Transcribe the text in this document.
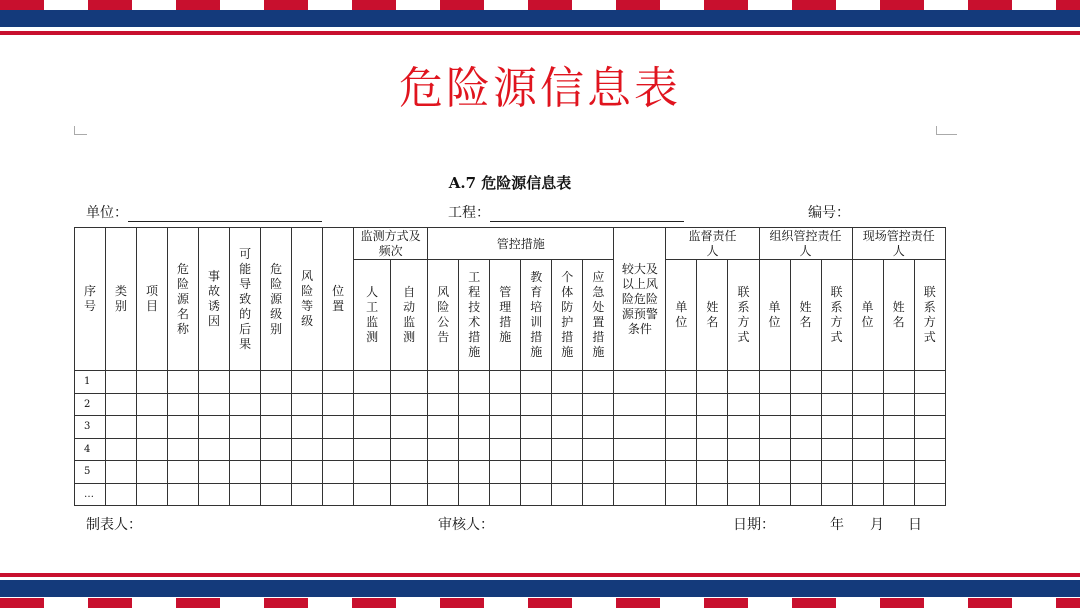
危险源信息表
A.7 危险源信息表
单位：	工程：	编号：
序号	类别	项目	危险源名称	事故诱因	可能导致的后果	危险源级别	风险等级	位置	监测方式及频次		管控措施						较大及以上风险危险源预警条件	监督责任人			组织管控责任人			现场管控责任人		
									人工监测	自动监测	风险公告	工程技术措施	管理措施	教育培训措施	个体防护措施	应急处置措施		单位	姓名	联系方式	单位	姓名	联系方式	单位	姓名	联系方式
1																										
2																										
3																										
4																										
5																										
…																										
制表人：	审核人：	日期：	年 月 日
